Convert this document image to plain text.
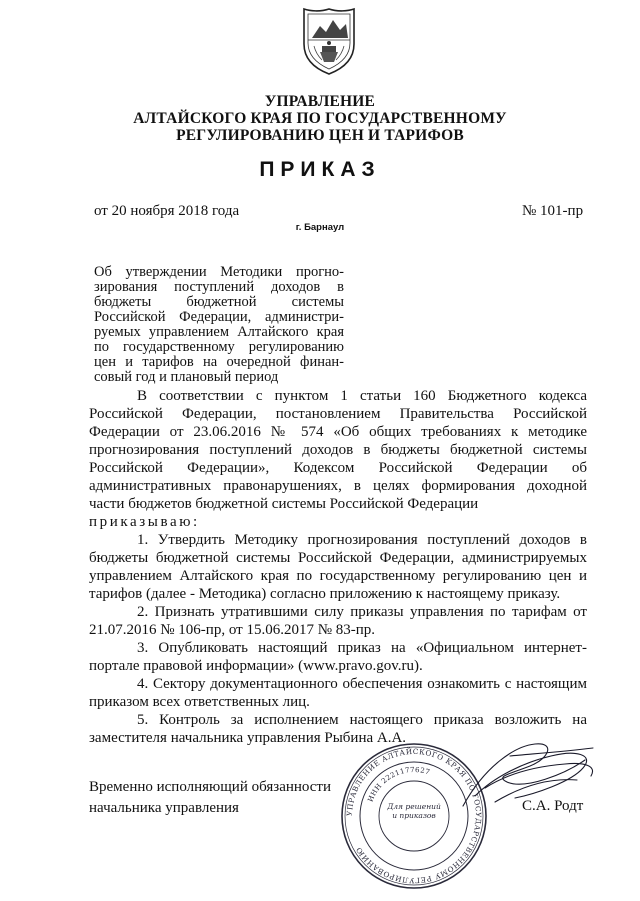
УПРАВЛЕНИЕ
АЛТАЙСКОГО КРАЯ ПО ГОСУДАРСТВЕННОМУ
РЕГУЛИРОВАНИЮ ЦЕН И ТАРИФОВ
ПРИКАЗ
от 20 ноября 2018 года	№ 101-пр
г. Барнаул
Об утверждении Методики прогно-
зирования поступлений доходов в
бюджеты бюджетной системы
Российской Федерации, администри-
руемых управлением Алтайского края
по государственному регулированию
цен и тарифов на очередной финан-
совый год и плановый период
В соответствии с пунктом 1 статьи 160 Бюджетного кодекса
Российской Федерации, постановлением Правительства Российской
Федерации от 23.06.2016 № 574 «Об общих требованиях к методике
прогнозирования поступлений доходов в бюджеты бюджетной системы
Российской Федерации», Кодексом Российской Федерации об
административных правонарушениях, в целях формирования доходной
части бюджетов бюджетной системы Российской Федерации
приказываю:
1. Утвердить Методику прогнозирования поступлений доходов в
бюджеты бюджетной системы Российской Федерации, администрируемых
управлением Алтайского края по государственному регулированию цен и
тарифов (далее - Методика) согласно приложению к настоящему приказу.
2. Признать утратившими силу приказы управления по тарифам от
21.07.2016 № 106-пр, от 15.06.2017 № 83-пр.
3. Опубликовать настоящий приказ на «Официальном интернет-
портале правовой информации» (www.pravo.gov.ru).
4. Сектору документационного обеспечения ознакомить с настоящим
приказом всех ответственных лиц.
5. Контроль за исполнением настоящего приказа возложить на
заместителя начальника управления Рыбина А.А.
Временно исполняющий обязанности
начальника управления	С.А. Родт
УПРАВЛЕНИЕ АЛТАЙСКОГО КРАЯ ПО ГОСУДАРСТВЕННОМУ РЕГУЛИРОВАНИЮ
ИНН 2221177627
Для решений и приказов
